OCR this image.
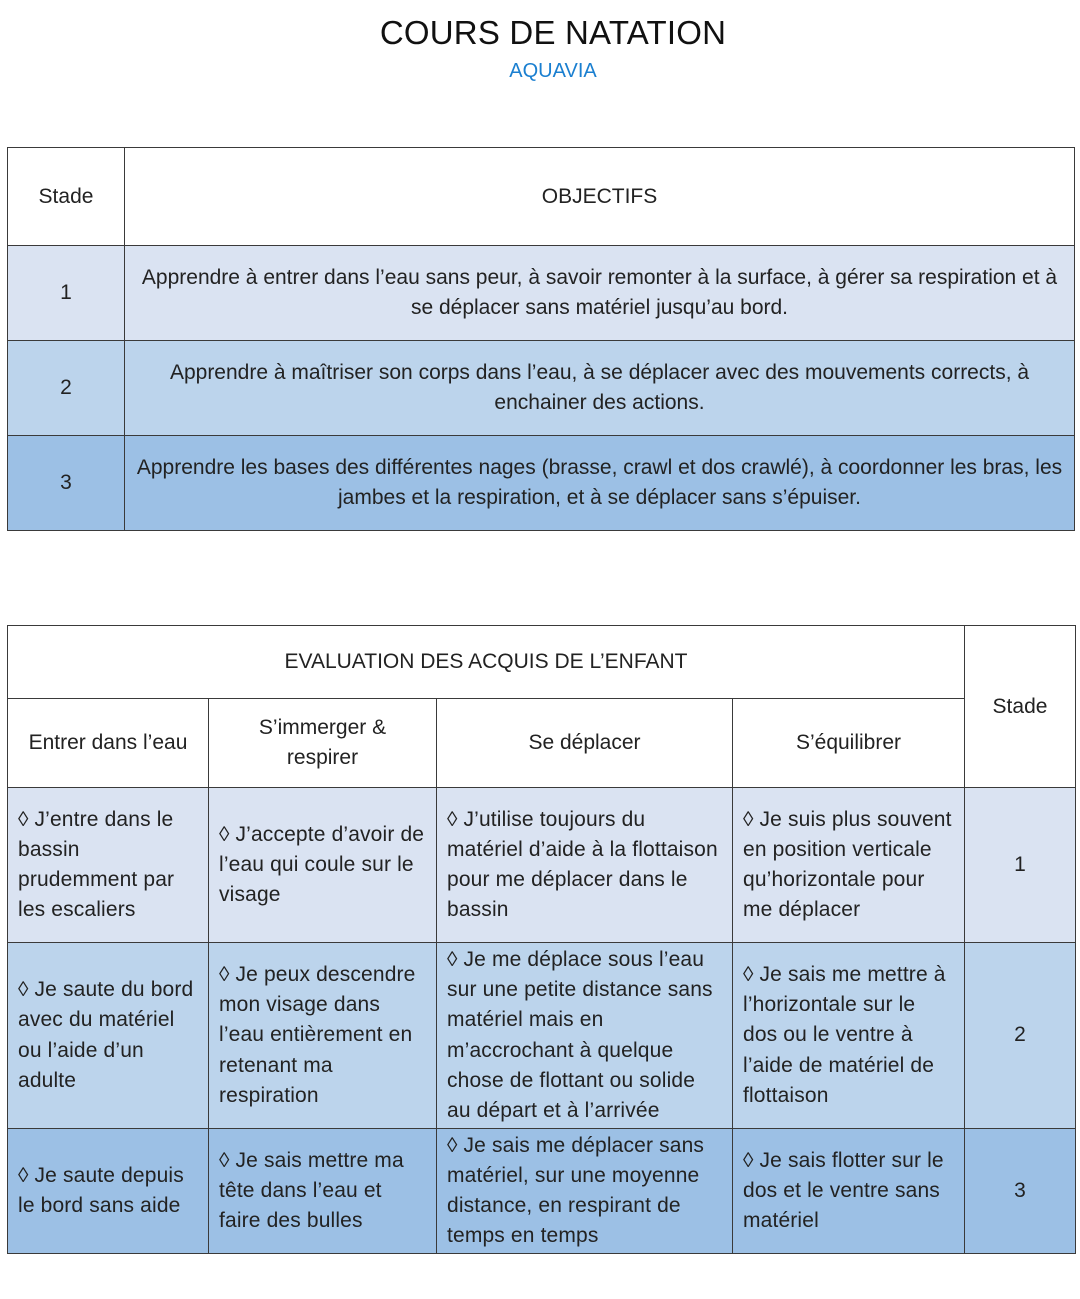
COURS DE NATATION
AQUAVIA
Stade	OBJECTIFS
1	Apprendre à entrer dans l’eau sans peur, à savoir remonter à la surface, à gérer sa respiration et à se déplacer sans matériel jusqu’au bord.
2	Apprendre à maîtriser son corps dans l’eau, à se déplacer avec des mouvements corrects, à enchainer des actions.
3	Apprendre les bases des différentes nages (brasse, crawl et dos crawlé), à coordonner les bras, les jambes et la respiration, et à se déplacer sans s’épuiser.
EVALUATION DES ACQUIS DE L’ENFANT				Stade
Entrer dans l’eau	S’immerger & respirer	Se déplacer	S’équilibrer	
◊ J’entre dans le bassin prudemment par les escaliers	◊ J’accepte d’avoir de l’eau qui coule sur le visage	◊ J’utilise toujours du matériel d’aide à la flottaison pour me déplacer dans le bassin	◊ Je suis plus souvent en position verticale qu’horizontale pour me déplacer	1
◊ Je saute du bord avec du matériel ou l’aide d’un adulte	◊ Je peux descendre mon visage dans l’eau entièrement en retenant ma respiration	◊ Je me déplace sous l’eau sur une petite distance sans matériel mais en m’accrochant à quelque chose de flottant ou solide au départ et à l’arrivée	◊ Je sais me mettre à l’horizontale sur le dos ou le ventre à l’aide de matériel de flottaison	2
◊ Je saute depuis le bord sans aide	◊ Je sais mettre ma tête dans l’eau et faire des bulles	◊ Je sais me déplacer sans matériel, sur une moyenne distance, en respirant de temps en temps	◊ Je sais flotter sur le dos et le ventre sans matériel	3
